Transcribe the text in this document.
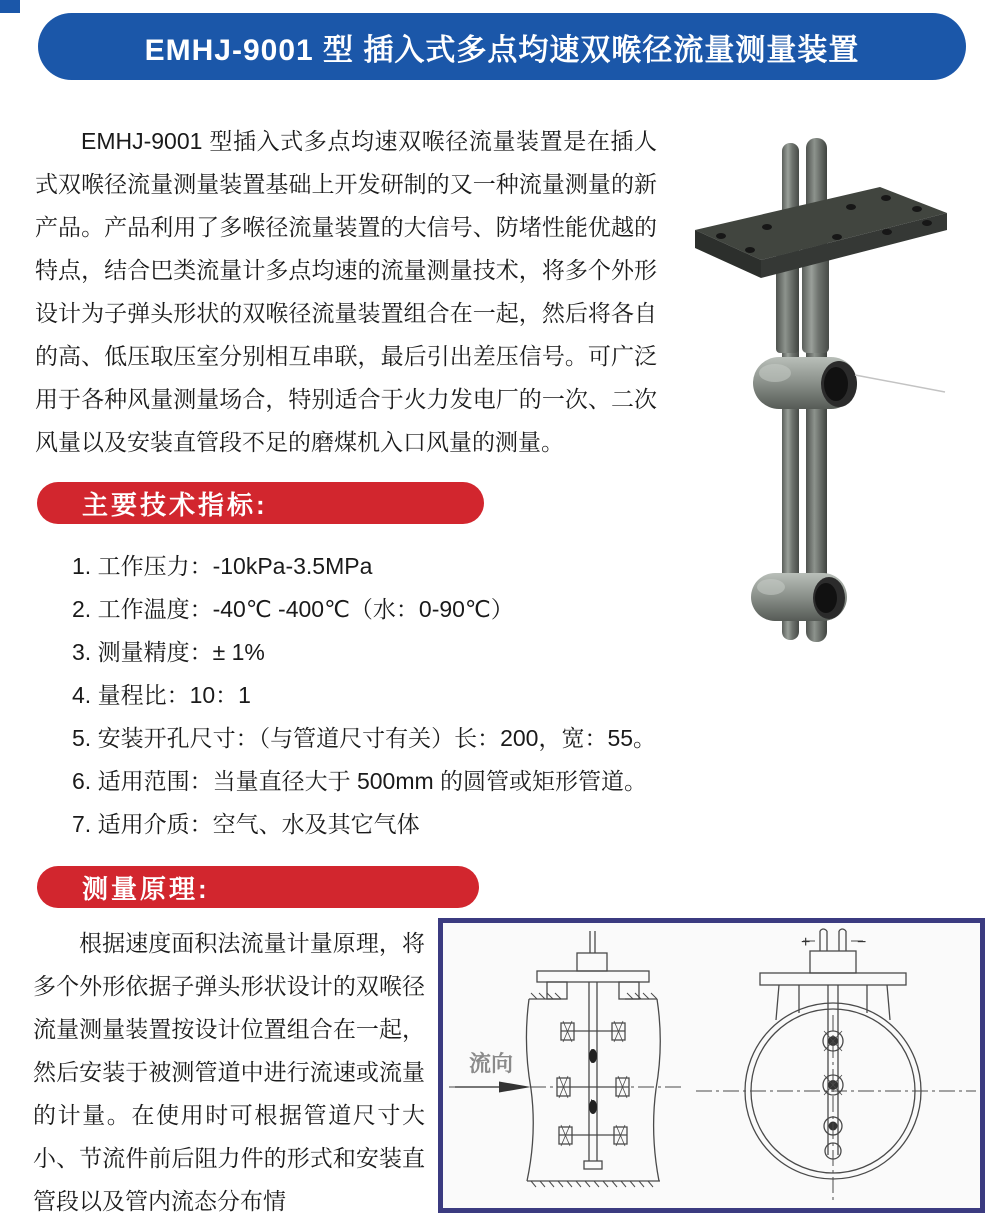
EMHJ-9001 型 插入式多点均速双喉径流量测量装置

EMHJ-9001 型插入式多点均速双喉径流量装置是在插人式双喉径流量测量装置基础上开发研制的又一种流量测量的新产品。产品利用了多喉径流量装置的大信号、防堵性能优越的特点，结合巴类流量计多点均速的流量测量技术，将多个外形设计为子弹头形状的双喉径流量装置组合在一起，然后将各自的高、低压取压室分别相互串联，最后引出差压信号。可广泛用于各种风量测量场合，特别适合于火力发电厂的一次、二次风量以及安装直管段不足的磨煤机入口风量的测量。

主要技术指标:
1. 工作压力：-10kPa-3.5MPa
2. 工作温度：-40℃ -400℃（水：0-90℃）
3. 测量精度：± 1%
4. 量程比：10：1
5. 安装开孔尺寸：（与管道尺寸有关）长：200，宽：55。
6. 适用范围：当量直径大于 500mm 的圆管或矩形管道。
7. 适用介质：空气、水及其它气体
测量原理:

根据速度面积法流量计量原理，将多个外形依据子弹头形状设计的双喉径流量测量装置按设计位置组合在一起，然后安装于被测管道中进行流速或流量的计量。在使用时可根据管道尺寸大小、节流件前后阻力件的形式和安装直管段以及管内流态分布情

流向
+	−
